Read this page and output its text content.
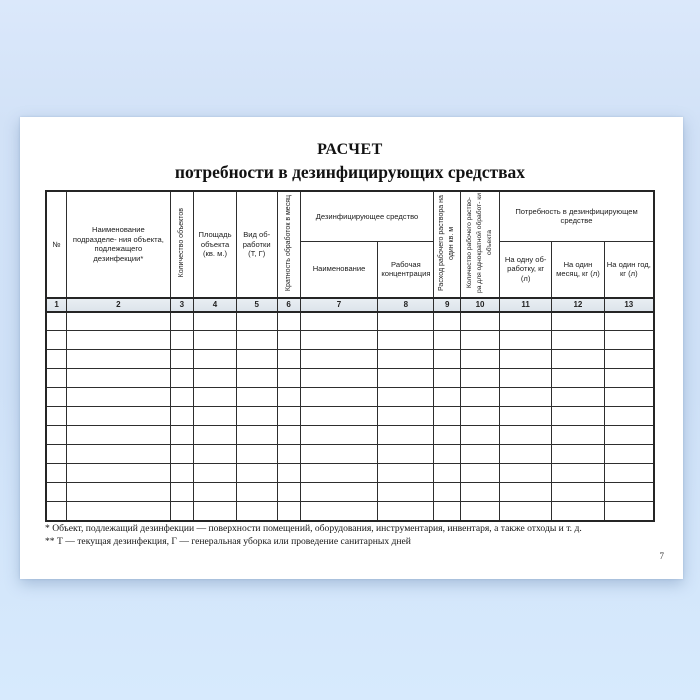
РАСЧЕТ
потребности в дезинфицирующих средствах
№	Наименование подразделе- ния объекта, подлежащего дезинфекции*	Количество объектов	Площадь объекта (кв. м.)	Вид об- работки (Т, Г)	Кратность обработок в месяц	Дезинфицирующее средство		Расход рабочего раствора на один кв. м	Количество рабочего раство- ра для однократной обработ- ки объекта	Потребность в дезинфицирующем средстве		
						Наименование	Рабочая концентрация			На одну об- работку, кг (л)	На один месяц, кг (л)	На один год, кг (л)
1	2	3	4	5	6	7	8	9	10	11	12	13

* Объект, подлежащий дезинфекции — поверхности помещений, оборудования, инструментария, инвентаря, а также отходы и т. д.
** Т — текущая дезинфекция, Г — генеральная уборка или проведение санитарных дней
7
